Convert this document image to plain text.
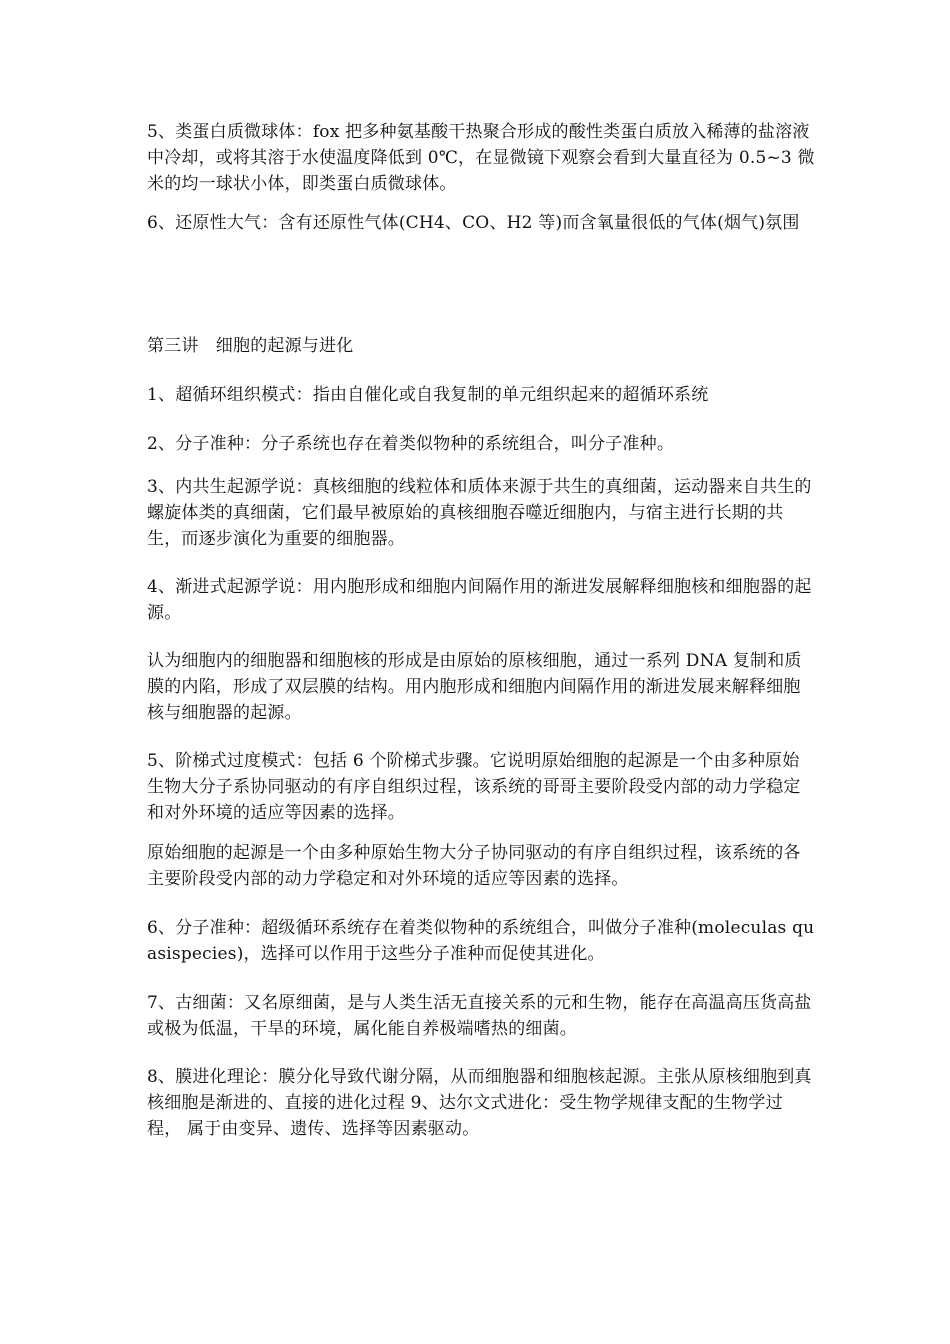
5、类蛋白质微球体：fox 把多种氨基酸干热聚合形成的酸性类蛋白质放入稀薄的盐溶液中冷却，或将其溶于水使温度降低到 0℃，在显微镜下观察会看到大量直径为 0.5~3 微米的均一球状小体，即类蛋白质微球体。

6、还原性大气：含有还原性气体(CH4、CO、H2 等)而含氧量很低的气体(烟气)氛围

第三讲　细胞的起源与进化

1、超循环组织模式：指由自催化或自我复制的单元组织起来的超循环系统

2、分子准种：分子系统也存在着类似物种的系统组合，叫分子准种。

3、内共生起源学说：真核细胞的线粒体和质体来源于共生的真细菌，运动器来自共生的螺旋体类的真细菌，它们最早被原始的真核细胞吞噬近细胞内，与宿主进行长期的共生，而逐步演化为重要的细胞器。

4、渐进式起源学说：用内胞形成和细胞内间隔作用的渐进发展解释细胞核和细胞器的起源。

认为细胞内的细胞器和细胞核的形成是由原始的原核细胞，通过一系列 DNA 复制和质膜的内陷，形成了双层膜的结构。用内胞形成和细胞内间隔作用的渐进发展来解释细胞核与细胞器的起源。

5、阶梯式过度模式：包括 6 个阶梯式步骤。它说明原始细胞的起源是一个由多种原始生物大分子系协同驱动的有序自组织过程，该系统的哥哥主要阶段受内部的动力学稳定和对外环境的适应等因素的选择。

原始细胞的起源是一个由多种原始生物大分子协同驱动的有序自组织过程，该系统的各主要阶段受内部的动力学稳定和对外环境的适应等因素的选择。

6、分子准种：超级循环系统存在着类似物种的系统组合，叫做分子准种(moleculas quasispecies)，选择可以作用于这些分子准种而促使其进化。

7、古细菌：又名原细菌，是与人类生活无直接关系的元和生物，能存在高温高压货高盐或极为低温，干旱的环境，属化能自养极端嗜热的细菌。

8、膜进化理论：膜分化导致代谢分隔，从而细胞器和细胞核起源。主张从原核细胞到真核细胞是渐进的、直接的进化过程 9、达尔文式进化：受生物学规律支配的生物学过程， 属于由变异、遗传、选择等因素驱动。
